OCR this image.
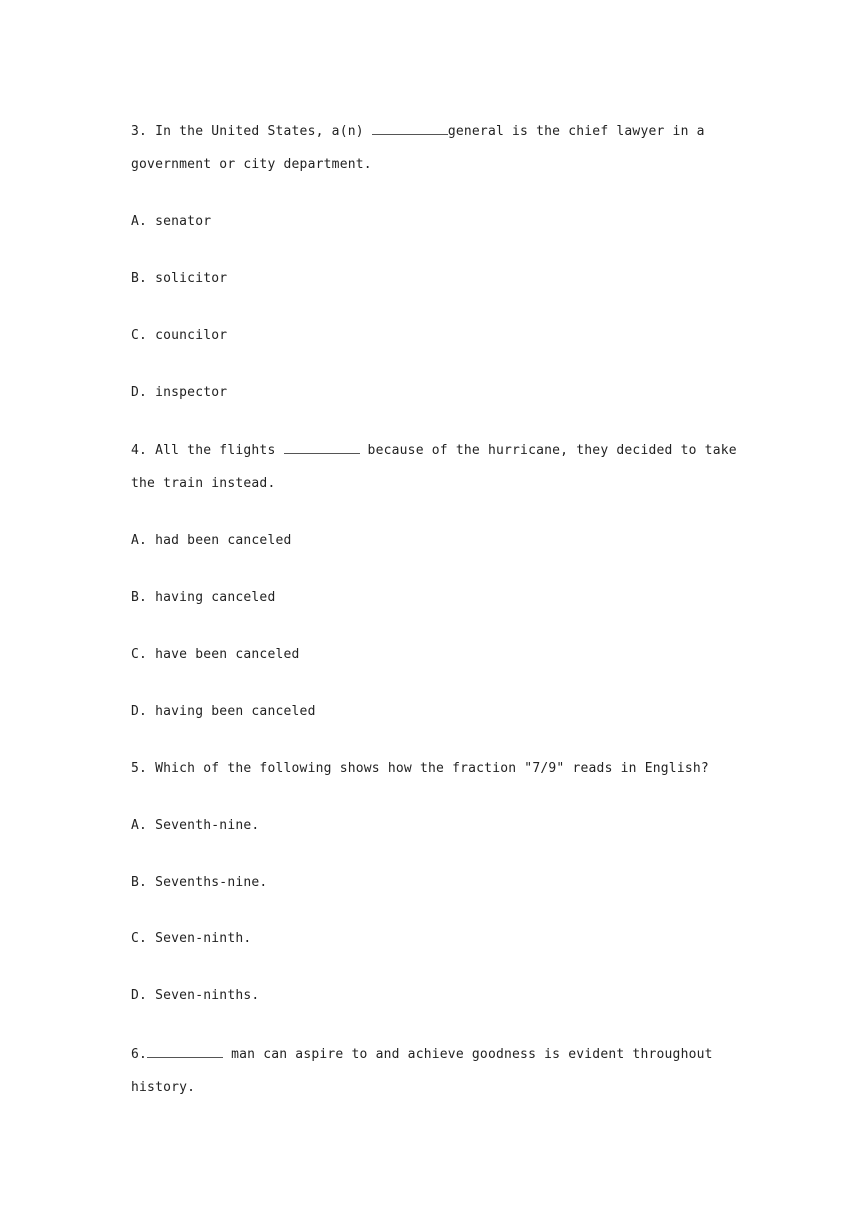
3. In the United States, a(n)	general is the chief lawyer in a
government or city department.
A. senator
B. solicitor
C. councilor
D. inspector
4. All the flights	because of the hurricane, they decided to take
the train instead.
A. had been canceled
B. having canceled
C. have been canceled
D. having been canceled
5. Which of the following shows how the fraction "7/9" reads in English?
A. Seventh-nine.
B. Sevenths-nine.
C. Seven-ninth.
D. Seven-ninths.
6.	man can aspire to and achieve goodness is evident throughout
history.
